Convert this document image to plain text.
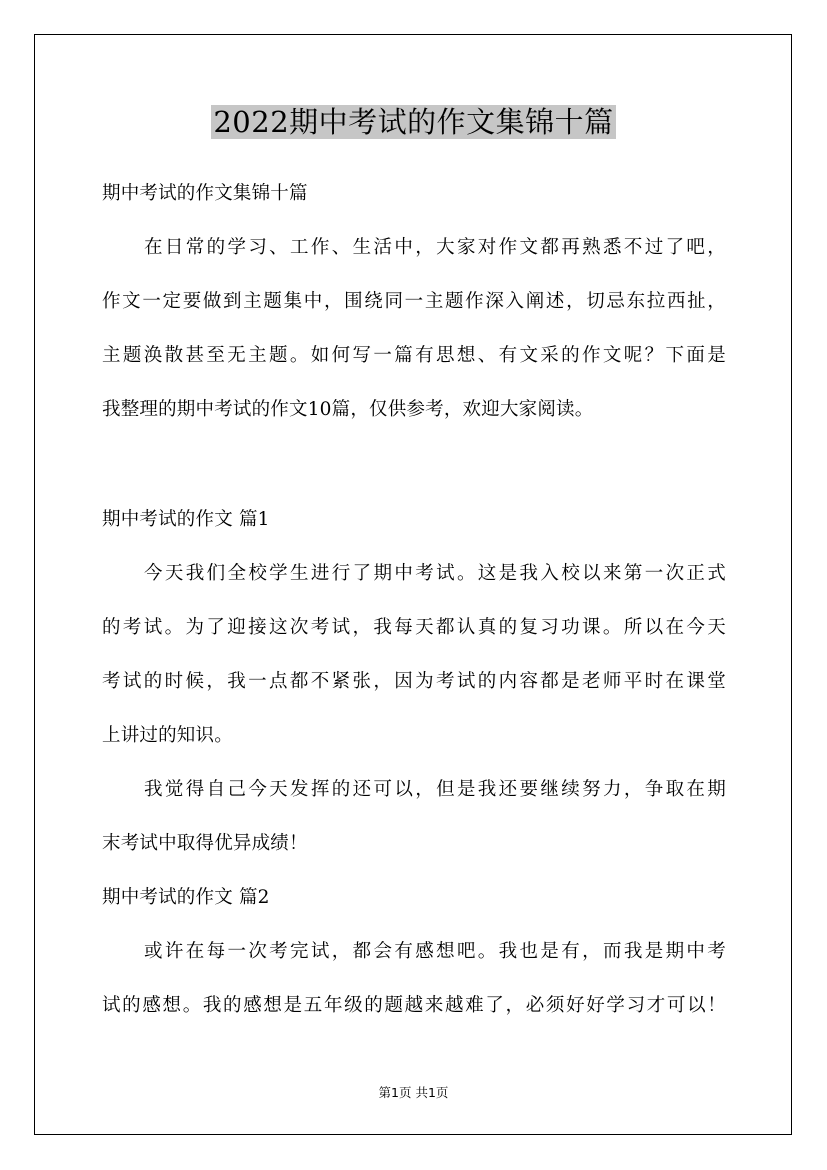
2022期中考试的作文集锦十篇
期中考试的作文集锦十篇
在日常的学习、工作、生活中，大家对作文都再熟悉不过了吧，
作文一定要做到主题集中，围绕同一主题作深入阐述，切忌东拉西扯，
主题涣散甚至无主题。如何写一篇有思想、有文采的作文呢？下面是
我整理的期中考试的作文10篇，仅供参考，欢迎大家阅读。
期中考试的作文 篇1
今天我们全校学生进行了期中考试。这是我入校以来第一次正式
的考试。为了迎接这次考试，我每天都认真的复习功课。所以在今天
考试的时候，我一点都不紧张，因为考试的内容都是老师平时在课堂
上讲过的知识。
我觉得自己今天发挥的还可以，但是我还要继续努力，争取在期
末考试中取得优异成绩！
期中考试的作文 篇2
或许在每一次考完试，都会有感想吧。我也是有，而我是期中考
试的感想。我的感想是五年级的题越来越难了，必须好好学习才可以！
第1页 共1页
